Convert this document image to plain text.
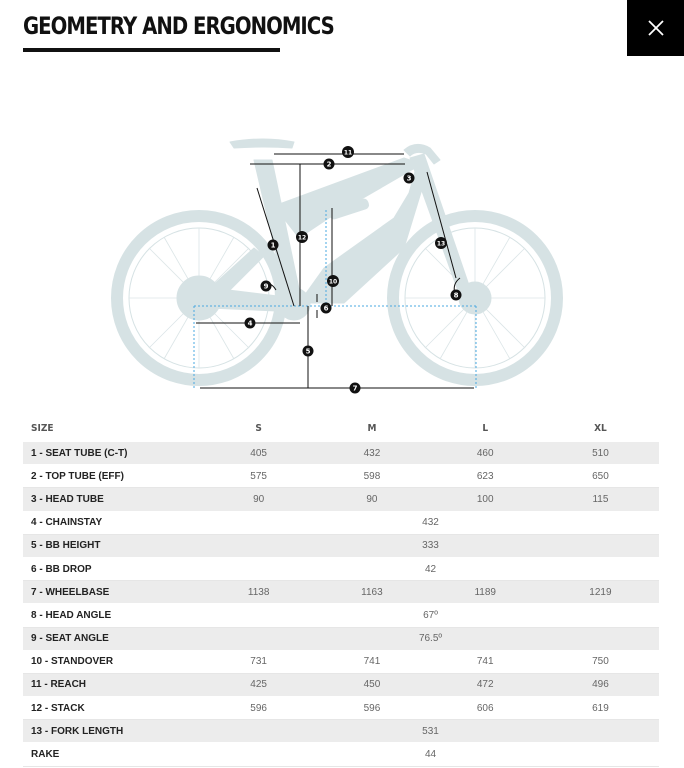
GEOMETRY AND ERGONOMICS
1
2
3
4
5
6
7
8
9
10
11
12
13
SIZE	S	M	L	XL
1 - SEAT TUBE (C-T)	405	432	460	510
2 - TOP TUBE (EFF)	575	598	623	650
3 - HEAD TUBE	90	90	100	115
4 - CHAINSTAY	432			
5 - BB HEIGHT	333			
6 - BB DROP	42			
7 - WHEELBASE	1138	1163	1189	1219
8 - HEAD ANGLE	67º			
9 - SEAT ANGLE	76.5º			
10 - STANDOVER	731	741	741	750
11 - REACH	425	450	472	496
12 - STACK	596	596	606	619
13 - FORK LENGTH	531			
RAKE	44			
